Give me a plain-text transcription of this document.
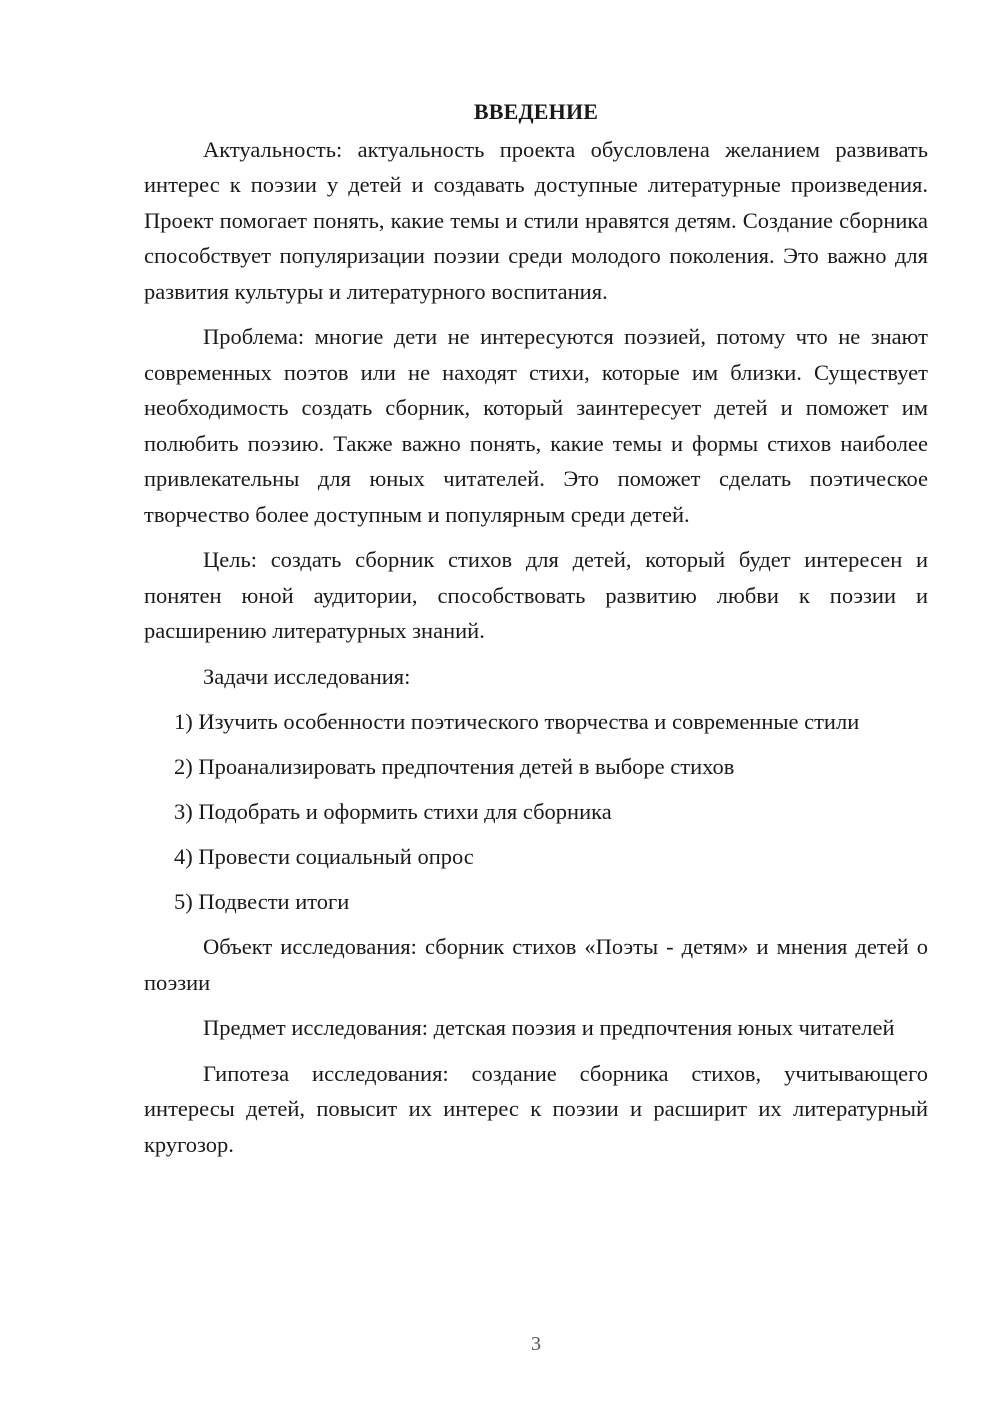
ВВЕДЕНИЕ

Актуальность: актуальность проекта обусловлена желанием развивать интерес к поэзии у детей и создавать доступные литературные произведения. Проект помогает понять, какие темы и стили нравятся детям. Создание сборника способствует популяризации поэзии среди молодого поколения. Это важно для развития культуры и литературного воспитания.

Проблема: многие дети не интересуются поэзией, потому что не знают современных поэтов или не находят стихи, которые им близки. Существует необходимость создать сборник, который заинтересует детей и поможет им полюбить поэзию. Также важно понять, какие темы и формы стихов наиболее привлекательны для юных читателей. Это поможет сделать поэтическое творчество более доступным и популярным среди детей.

Цель: создать сборник стихов для детей, который будет интересен и понятен юной аудитории, способствовать развитию любви к поэзии и расширению литературных знаний.

Задачи исследования:
1) Изучить особенности поэтического творчества и современные стили
2) Проанализировать предпочтения детей в выборе стихов
3) Подобрать и оформить стихи для сборника
4) Провести социальный опрос
5) Подвести итоги

Объект исследования: сборник стихов «Поэты - детям» и мнения детей о поэзии

Предмет исследования: детская поэзия и предпочтения юных читателей

Гипотеза исследования: создание сборника стихов, учитывающего интересы детей, повысит их интерес к поэзии и расширит их литературный кругозор.

3
